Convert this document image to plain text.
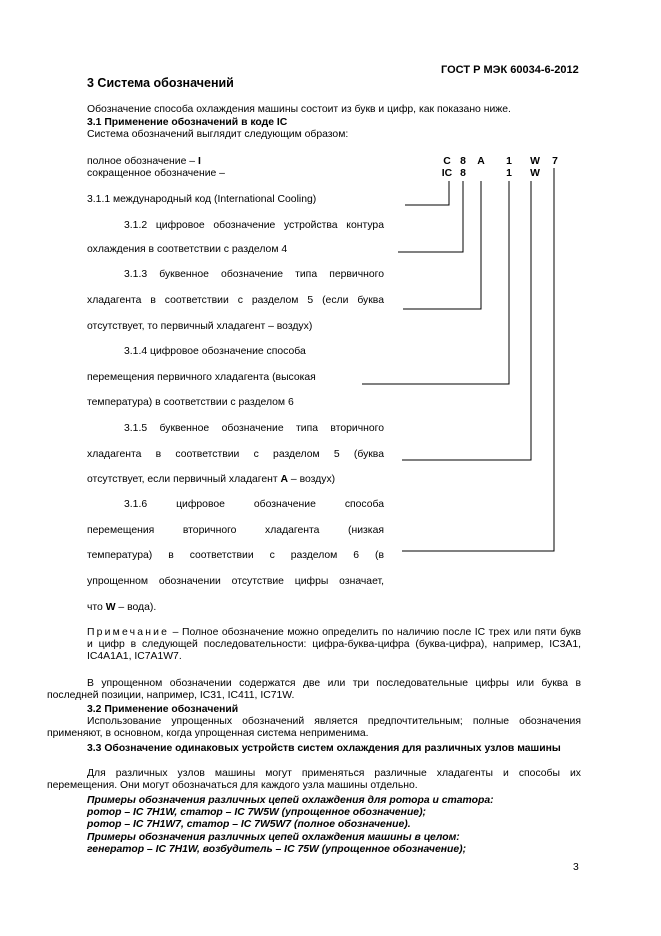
ГОСТ Р МЭК 60034-6-2012
3 Система обозначений
Обозначение способа охлаждения машины состоит из букв и цифр, как показано ниже.
3.1 Применение обозначений в коде IC
Система обозначений выглядит следующим образом:
полное обозначение – I
сокращенное обозначение –
C 8	A	1	W	7
IC 8	1	W
3.1.1 международный код (International Cooling)
3.1.2 цифровое обозначение устройства контура
охлаждения в соответствии с разделом 4
3.1.3 буквенное обозначение типа первичного
хладагента в соответствии с разделом 5 (если буква
отсутствует, то первичный хладагент – воздух)
3.1.4 цифровое обозначение способа
перемещения первичного хладагента (высокая
температура) в соответствии с разделом 6
3.1.5 буквенное обозначение типа вторичного
хладагента в соответствии с разделом 5 (буква
отсутствует, если первичный хладагент A – воздух)
3.1.6 цифровое обозначение способа
перемещения вторичного хладагента (низкая
температура) в соответствии с разделом 6 (в
упрощенном обозначении отсутствие цифры означает,
что W – вода).
Примечание – Полное обозначение можно определить по наличию после IC трех или пяти букв и цифр в следующей последовательности: цифра-буква-цифра (буква-цифра), например, IC3A1, IC4A1A1, IC7A1W7.
В упрощенном обозначении содержатся две или три последовательные цифры или буква в последней позиции, например, IC31, IC411, IC71W.
3.2 Применение обозначений
Использование упрощенных обозначений является предпочтительным; полные обозначения применяют, в основном, когда упрощенная система неприменима.
3.3 Обозначение одинаковых устройств систем охлаждения для различных узлов машины
Для различных узлов машины могут применяться различные хладагенты и способы их перемещения. Они могут обозначаться для каждого узла машины отдельно.
Примеры обозначения различных цепей охлаждения для ротора и статора:
ротор – IC 7H1W, статор – IC 7W5W (упрощенное обозначение);
ротор – IC 7H1W7, статор – IC 7W5W7 (полное обозначение).
Примеры обозначения различных цепей охлаждения машины в целом:
генератор – IC 7H1W, возбудитель – IC 75W (упрощенное обозначение);
3
